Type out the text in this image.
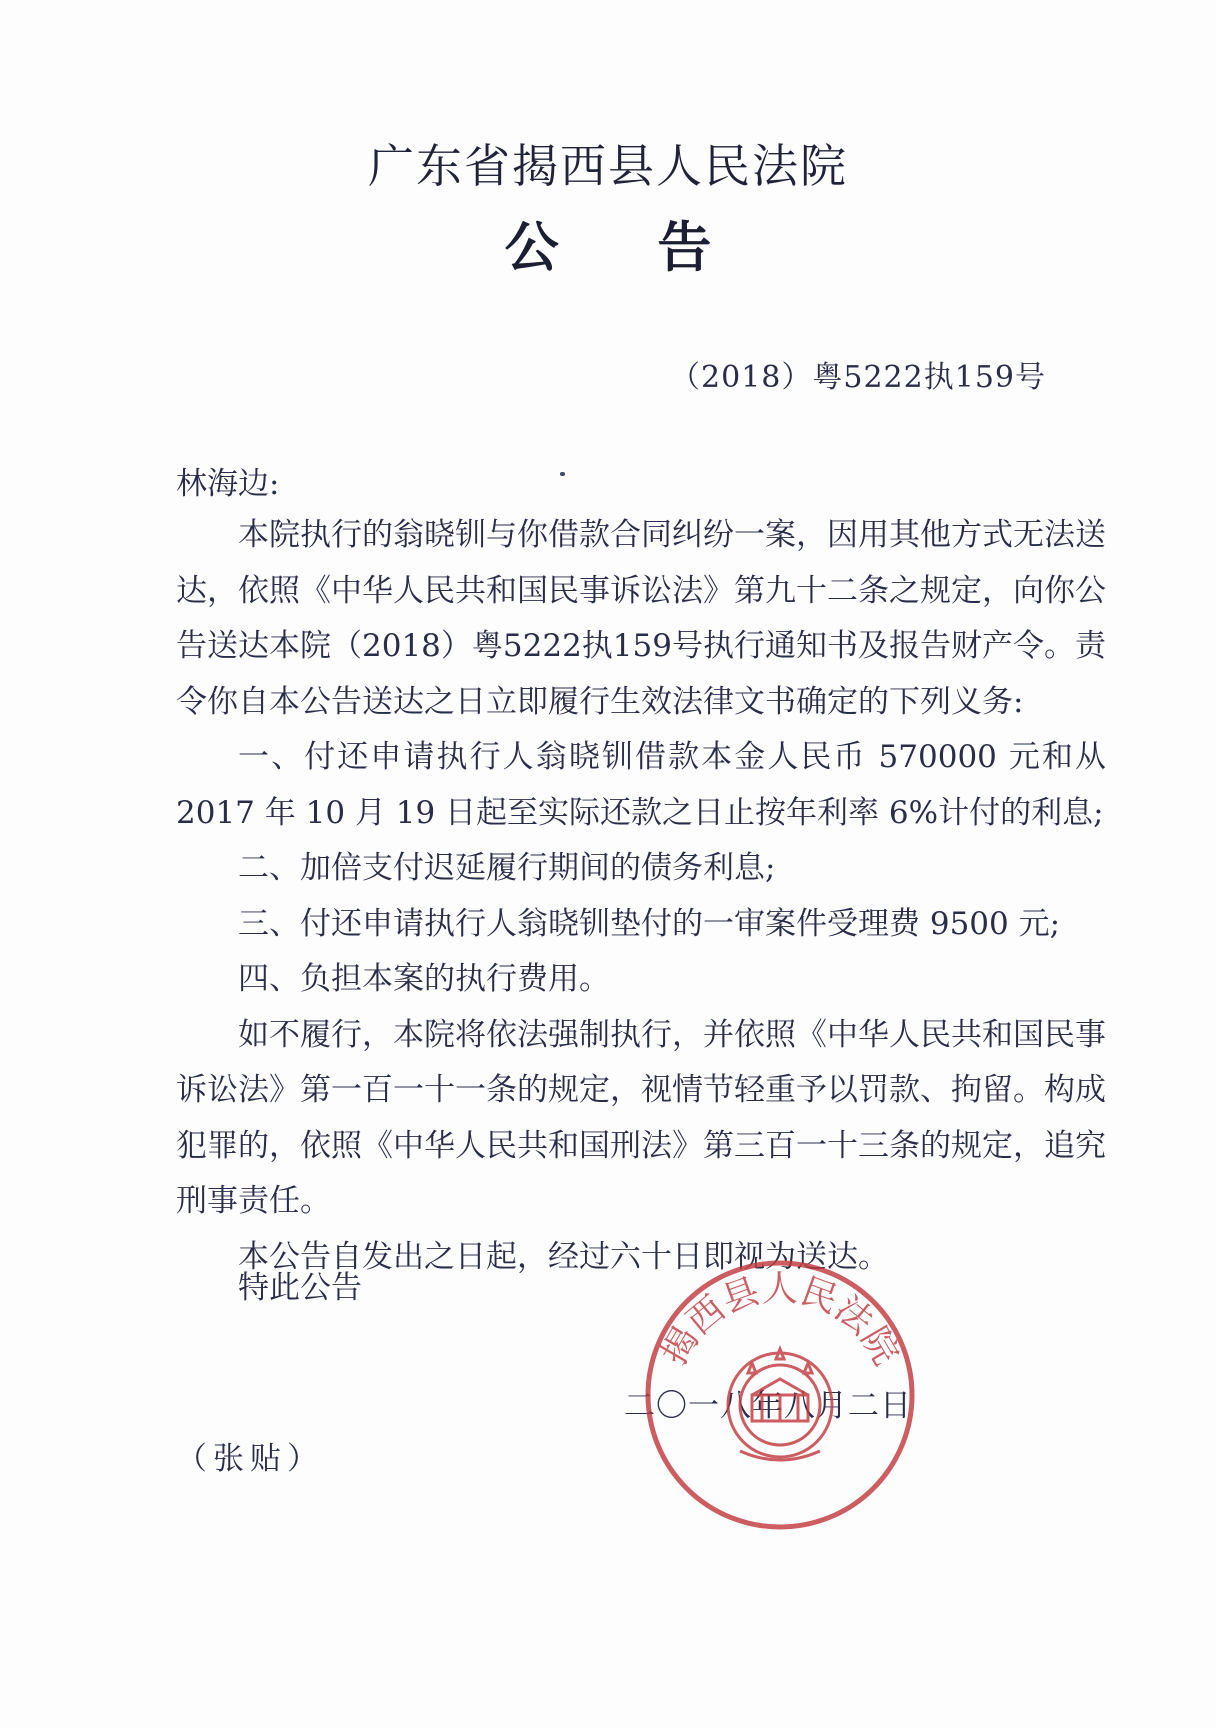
广东省揭西县人民法院
公 告
（2018）粤5222执159号
林海边:

本院执行的翁晓钏与你借款合同纠纷一案，因用其他方式无法送达，依照《中华人民共和国民事诉讼法》第九十二条之规定，向你公告送达本院（2018）粤5222执159号执行通知书及报告财产令。责令你自本公告送达之日立即履行生效法律文书确定的下列义务:

一、付还申请执行人翁晓钏借款本金人民币 570000 元和从2017 年 10 月 19 日起至实际还款之日止按年利率 6%计付的利息;

二、加倍支付迟延履行期间的债务利息;

三、付还申请执行人翁晓钏垫付的一审案件受理费 9500 元;

四、负担本案的执行费用。

如不履行，本院将依法强制执行，并依照《中华人民共和国民事诉讼法》第一百一十一条的规定，视情节轻重予以罚款、拘留。构成犯罪的，依照《中华人民共和国刑法》第三百一十三条的规定，追究刑事责任。

本公告自发出之日起，经过六十日即视为送达。

特此公告
二〇一八年八月二日
（张贴）
揭西县人民法院
